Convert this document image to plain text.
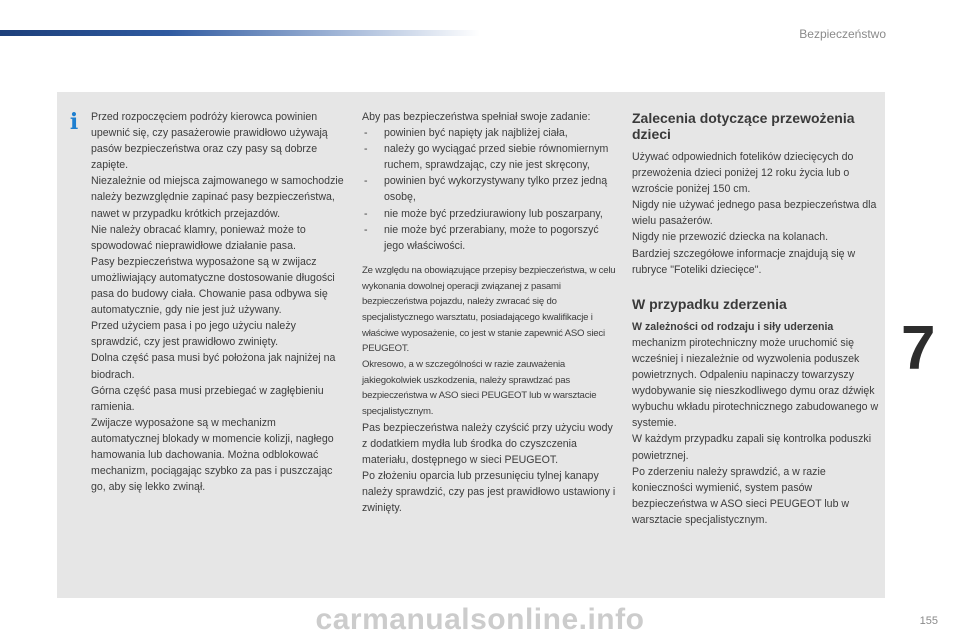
Bezpieczeństwo
i	Przed rozpoczęciem podróży kierowca powinien upewnić się, czy pasażerowie prawidłowo używają pasów bezpieczeństwa oraz czy pasy są dobrze zapięte.

Niezależnie od miejsca zajmowanego w samochodzie należy bezwzględnie zapinać pasy bezpieczeństwa, nawet w przypadku krótkich przejazdów.

Nie należy obracać klamry, ponieważ może to spowodować nieprawidłowe działanie pasa.

Pasy bezpieczeństwa wyposażone są w zwijacz umożliwiający automatyczne dostosowanie długości pasa do budowy ciała. Chowanie pasa odbywa się automatycznie, gdy nie jest już używany.

Przed użyciem pasa i po jego użyciu należy sprawdzić, czy jest prawidłowo zwinięty.

Dolna część pasa musi być położona jak najniżej na biodrach.

Górna część pasa musi przebiegać w zagłębieniu ramienia.

Zwijacze wyposażone są w mechanizm automatycznej blokady w momencie kolizji, nagłego hamowania lub dachowania. Można odblokować mechanizm, pociągając szybko za pas i puszczając go, aby się lekko zwinął.

Aby pas bezpieczeństwa spełniał swoje zadanie:

- powinien być napięty jak najbliżej ciała,
- należy go wyciągać przed siebie równomiernym ruchem, sprawdzając, czy nie jest skręcony,
- powinien być wykorzystywany tylko przez jedną osobę,
- nie może być przedziurawiony lub poszarpany,
- nie może być przerabiany, może to pogorszyć jego właściwości.

Ze względu na obowiązujące przepisy bezpieczeństwa, w celu wykonania dowolnej operacji związanej z pasami bezpieczeństwa pojazdu, należy zwracać się do specjalistycznego warsztatu, posiadającego kwalifikacje i właściwe wyposażenie, co jest w stanie zapewnić ASO sieci PEUGEOT.

Okresowo, a w szczególności w razie zauważenia jakiegokolwiek uszkodzenia, należy sprawdzać pas bezpieczeństwa w ASO sieci PEUGEOT lub w warsztacie specjalistycznym.

Pas bezpieczeństwa należy czyścić przy użyciu wody z dodatkiem mydła lub środka do czyszczenia materiału, dostępnego w sieci PEUGEOT.

Po złożeniu oparcia lub przesunięciu tylnej kanapy należy sprawdzić, czy pas jest prawidłowo ustawiony i zwinięty.

Zalecenia dotyczące przewożenia dzieci

Używać odpowiednich fotelików dziecięcych do przewożenia dzieci poniżej 12 roku życia lub o wzroście poniżej 150 cm.

Nigdy nie używać jednego pasa bezpieczeństwa dla wielu pasażerów.

Nigdy nie przewozić dziecka na kolanach.

Bardziej szczegółowe informacje znajdują się w rubryce "Foteliki dziecięce".

W przypadku zderzenia

W zależności od rodzaju i siły uderzenia mechanizm pirotechniczny może uruchomić się wcześniej i niezależnie od wyzwolenia poduszek powietrznych. Odpaleniu napinaczy towarzyszy wydobywanie się nieszkodliwego dymu oraz dźwięk wybuchu wkładu pirotechnicznego zabudowanego w systemie.

W każdym przypadku zapali się kontrolka poduszki powietrznej.

Po zderzeniu należy sprawdzić, a w razie konieczności wymienić, system pasów bezpieczeństwa w ASO sieci PEUGEOT lub w warsztacie specjalistycznym.

7
155
carmanualsonline.info
